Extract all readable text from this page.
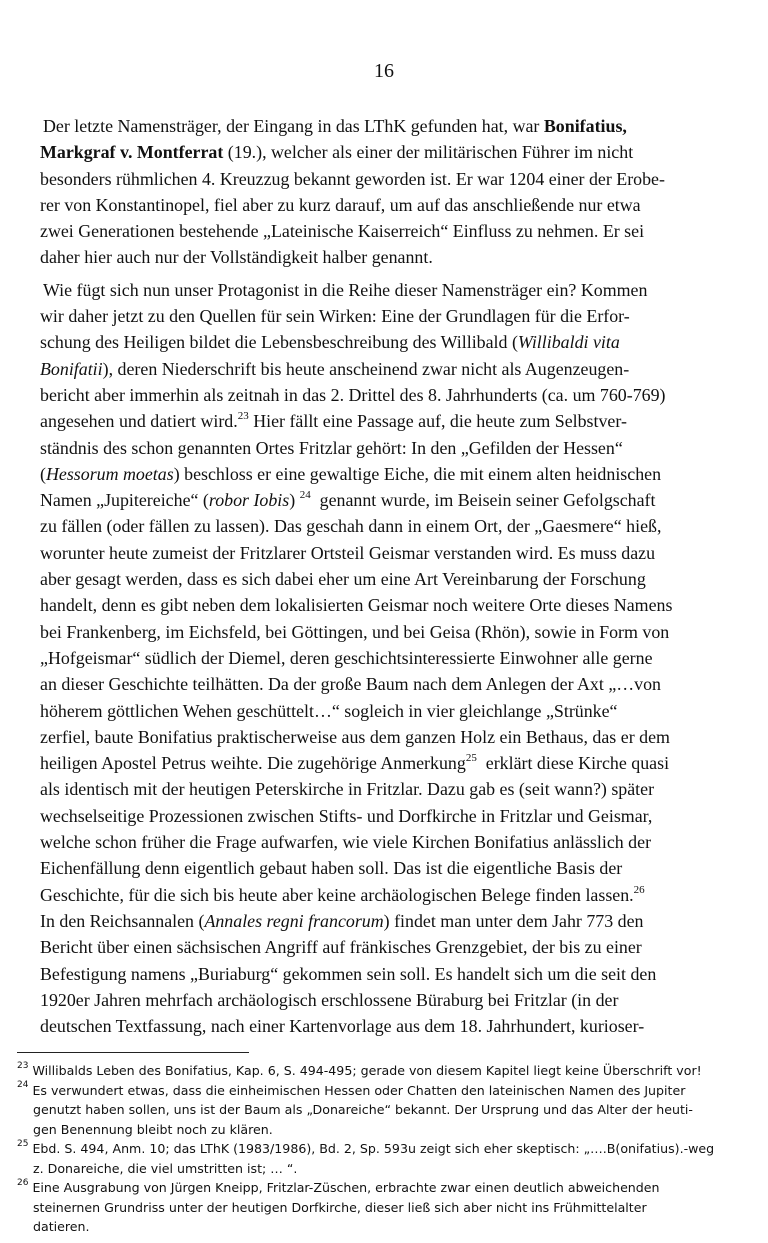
16
Der letzte Namensträger, der Eingang in das LThK gefunden hat, war Bonifatius,
Markgraf v. Montferrat (19.), welcher als einer der militärischen Führer im nicht
besonders rühmlichen 4. Kreuzzug bekannt geworden ist. Er war 1204 einer der Erobe-
rer von Konstantinopel, fiel aber zu kurz darauf, um auf das anschließende nur etwa
zwei Generationen bestehende „Lateinische Kaiserreich“ Einfluss zu nehmen. Er sei
daher hier auch nur der Vollständigkeit halber genannt.
Wie fügt sich nun unser Protagonist in die Reihe dieser Namensträger ein? Kommen
wir daher jetzt zu den Quellen für sein Wirken: Eine der Grundlagen für die Erfor-
schung des Heiligen bildet die Lebensbeschreibung des Willibald (Willibaldi vita
Bonifatii), deren Niederschrift bis heute anscheinend zwar nicht als Augenzeugen-
bericht aber immerhin als zeitnah in das 2. Drittel des 8. Jahrhunderts (ca. um 760-769)
angesehen und datiert wird.$^{23}$ Hier fällt eine Passage auf, die heute zum Selbstver-
ständnis des schon genannten Ortes Fritzlar gehört: In den „Gefilden der Hessen“
(Hessorum moetas) beschloss er eine gewaltige Eiche, die mit einem alten heidnischen
Namen „Jupitereiche“ (robor Iobis) $^{24}$  genannt wurde, im Beisein seiner Gefolgschaft
zu fällen (oder fällen zu lassen). Das geschah dann in einem Ort, der „Gaesmere“ hieß,
worunter heute zumeist der Fritzlarer Ortsteil Geismar verstanden wird. Es muss dazu
aber gesagt werden, dass es sich dabei eher um eine Art Vereinbarung der Forschung
handelt, denn es gibt neben dem lokalisierten Geismar noch weitere Orte dieses Namens
bei Frankenberg, im Eichsfeld, bei Göttingen, und bei Geisa (Rhön), sowie in Form von
„Hofgeismar“ südlich der Diemel, deren geschichtsinteressierte Einwohner alle gerne
an dieser Geschichte teilhätten. Da der große Baum nach dem Anlegen der Axt „…von
höherem göttlichen Wehen geschüttelt…“ sogleich in vier gleichlange „Strünke“
zerfiel, baute Bonifatius praktischerweise aus dem ganzen Holz ein Bethaus, das er dem
heiligen Apostel Petrus weihte. Die zugehörige Anmerkung$^{25}$  erklärt diese Kirche quasi
als identisch mit der heutigen Peterskirche in Fritzlar. Dazu gab es (seit wann?) später
wechselseitige Prozessionen zwischen Stifts- und Dorfkirche in Fritzlar und Geismar,
welche schon früher die Frage aufwarfen, wie viele Kirchen Bonifatius anlässlich der
Eichenfällung denn eigentlich gebaut haben soll. Das ist die eigentliche Basis der
Geschichte, für die sich bis heute aber keine archäologischen Belege finden lassen.$^{26}$
In den Reichsannalen (Annales regni francorum) findet man unter dem Jahr 773 den
Bericht über einen sächsischen Angriff auf fränkisches Grenzgebiet, der bis zu einer
Befestigung namens „Buriaburg“ gekommen sein soll. Es handelt sich um die seit den
1920er Jahren mehrfach archäologisch erschlossene Büraburg bei Fritzlar (in der
deutschen Textfassung, nach einer Kartenvorlage aus dem 18. Jahrhundert, kurioser-
$^{23}$ Willibalds Leben des Bonifatius, Kap. 6, S. 494-495; gerade von diesem Kapitel liegt keine Überschrift vor!
$^{24}$ Es verwundert etwas, dass die einheimischen Hessen oder Chatten den lateinischen Namen des Jupiter
genutzt haben sollen, uns ist der Baum als „Donareiche“ bekannt. Der Ursprung und das Alter der heuti-
gen Benennung bleibt noch zu klären.
$^{25}$ Ebd. S. 494, Anm. 10; das LThK (1983/1986), Bd. 2, Sp. 593u zeigt sich eher skeptisch: „….B(onifatius).-weg
z. Donareiche, die viel umstritten ist; … “.
$^{26}$ Eine Ausgrabung von Jürgen Kneipp, Fritzlar-Züschen, erbrachte zwar einen deutlich abweichenden
steinernen Grundriss unter der heutigen Dorfkirche, dieser ließ sich aber nicht ins Frühmittelalter
datieren.
